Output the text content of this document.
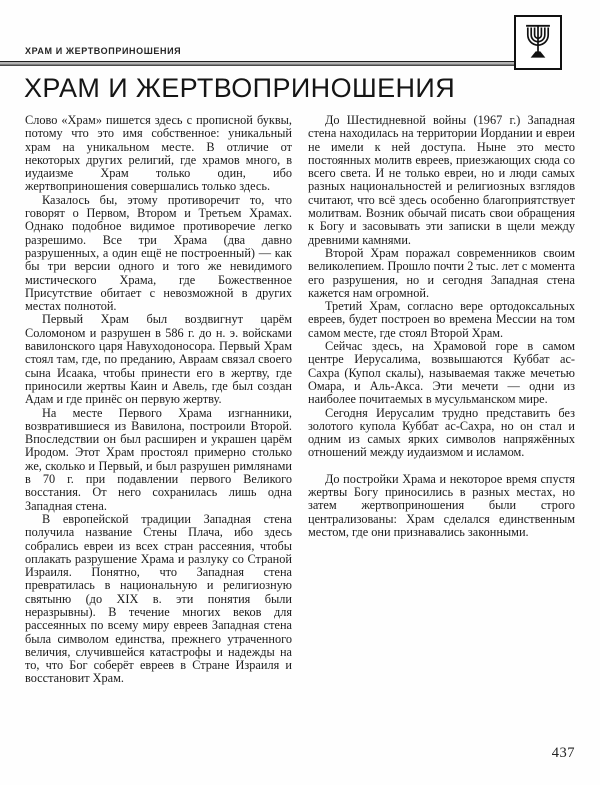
ХРАМ И ЖЕРТВОПРИНОШЕНИЯ
ХРАМ И ЖЕРТВОПРИНОШЕНИЯ

Слово «Храм» пишется здесь с прописной буквы, потому что это имя собственное: уникальный храм на уникальном месте. В отличие от некоторых других религий, где храмов много, в иудаизме Храм только один, ибо жертвоприношения совершались только здесь.

Казалось бы, этому противоречит то, что говорят о Первом, Втором и Третьем Храмах. Однако подобное видимое противоречие легко разрешимо. Все три Храма (два давно разрушенных, а один ещё не построенный) — как бы три версии одного и того же невидимого мистического Храма, где Божественное Присутствие обитает с невозможной в других местах полнотой.

Первый Храм был воздвигнут царём Соломоном и разрушен в 586 г. до н. э. войсками вавилонского царя Навуходоносора. Первый Храм стоял там, где, по преданию, Авраам связал своего сына Исаака, чтобы принести его в жертву, где приносили жертвы Каин и Авель, где был создан Адам и где принёс он первую жертву.

На месте Первого Храма изгнанники, возвратившиеся из Вавилона, построили Второй. Впоследствии он был расширен и украшен царём Иродом. Этот Храм простоял примерно столько же, сколько и Первый, и был разрушен римлянами в 70 г. при подавлении первого Великого восстания. От него сохранилась лишь одна Западная стена.

В европейской традиции Западная стена получила название Стены Плача, ибо здесь собрались евреи из всех стран рассеяния, чтобы оплакать разрушение Храма и разлуку со Страной Израиля. Понятно, что Западная стена превратилась в национальную и религиозную святыню (до XIX в. эти понятия были неразрывны). В течение многих веков для рассеянных по всему миру евреев Западная стена была символом единства, прежнего утраченного величия, случившейся катастрофы и надежды на то, что Бог соберёт евреев в Стране Израиля и восстановит Храм.

До Шестидневной войны (1967 г.) Западная стена находилась на территории Иордании и евреи не имели к ней доступа. Ныне это место постоянных молитв евреев, приезжающих сюда со всего света. И не только евреи, но и люди самых разных национальностей и религиозных взглядов считают, что всё здесь особенно благоприятствует молитвам. Возник обычай писать свои обращения к Богу и засовывать эти записки в щели между древними камнями.

Второй Храм поражал современников своим великолепием. Прошло почти 2 тыс. лет с момента его разрушения, но и сегодня Западная стена кажется нам огромной.

Третий Храм, согласно вере ортодоксальных евреев, будет построен во времена Мессии на том самом месте, где стоял Второй Храм.

Сейчас здесь, на Храмовой горе в самом центре Иерусалима, возвышаются Куббат ас-Сахра (Купол скалы), называемая также мечетью Омара, и Аль-Акса. Эти мечети — одни из наиболее почитаемых в мусульманском мире.

Сегодня Иерусалим трудно представить без золотого купола Куббат ас-Сахра, но он стал и одним из самых ярких символов напряжённых отношений между иудаизмом и исламом.

До постройки Храма и некоторое время спустя жертвы Богу приносились в разных местах, но затем жертвоприношения были строго централизованы: Храм сделался единственным местом, где они признавались законными.

437
